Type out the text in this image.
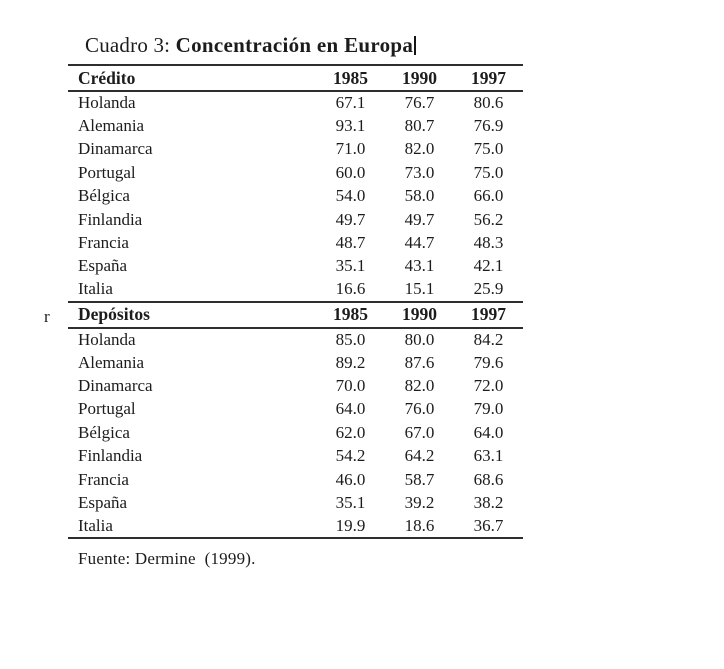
r
Cuadro 3: Concentración en Europa
Crédito	1985	1990	1997
Holanda	67.1	76.7	80.6
Alemania	93.1	80.7	76.9
Dinamarca	71.0	82.0	75.0
Portugal	60.0	73.0	75.0
Bélgica	54.0	58.0	66.0
Finlandia	49.7	49.7	56.2
Francia	48.7	44.7	48.3
España	35.1	43.1	42.1
Italia	16.6	15.1	25.9
Depósitos	1985	1990	1997
Holanda	85.0	80.0	84.2
Alemania	89.2	87.6	79.6
Dinamarca	70.0	82.0	72.0
Portugal	64.0	76.0	79.0
Bélgica	62.0	67.0	64.0
Finlandia	54.2	64.2	63.1
Francia	46.0	58.7	68.6
España	35.1	39.2	38.2
Italia	19.9	18.6	36.7
Fuente: Dermine  (1999).
